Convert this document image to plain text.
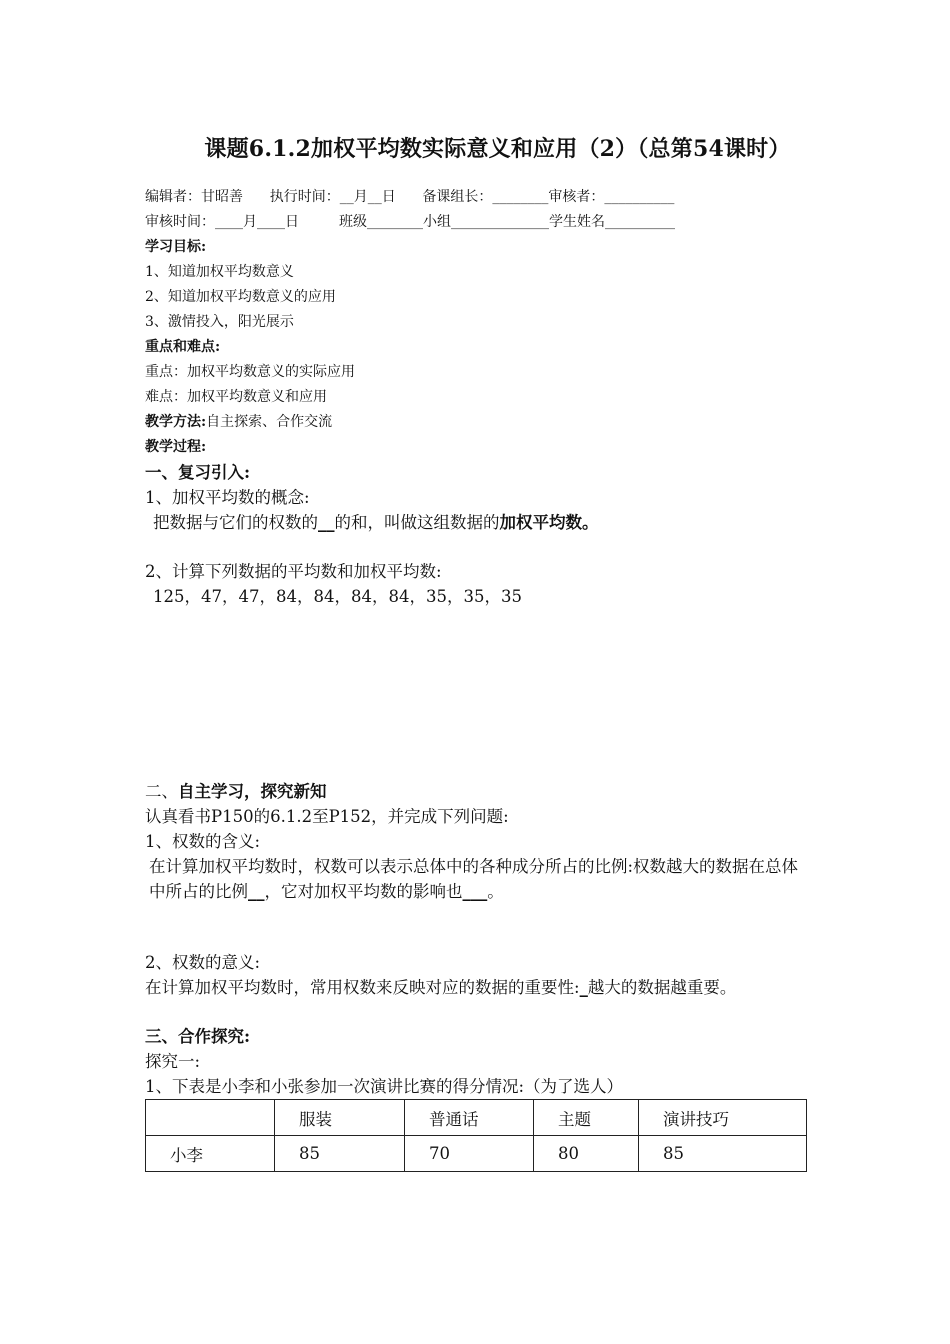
课题6.1.2加权平均数实际意义和应用（2）（总第54课时）
编辑者：甘昭善      执行时间：__月__日      备课组长：________审核者：__________
审核时间：____月____日         班级________小组______________学生姓名__________
学习目标:
1、知道加权平均数意义
2、知道加权平均数意义的应用
3、激情投入，阳光展示
重点和难点:
重点：加权平均数意义的实际应用
难点：加权平均数意义和应用
教学方法:自主探索、合作交流
教学过程:
一、复习引入:
1、加权平均数的概念:
把数据与它们的权数的__的和，叫做这组数据的加权平均数。
2、计算下列数据的平均数和加权平均数:
125，47，47，84，84，84，84，35，35，35
二、自主学习，探究新知
认真看书P150的6.1.2至P152，并完成下列问题:
1、权数的含义:
在计算加权平均数时，权数可以表示总体中的各种成分所占的比例:权数越大的数据在总体中所占的比例__，它对加权平均数的影响也___。
2、权数的意义:
在计算加权平均数时，常用权数来反映对应的数据的重要性:_越大的数据越重要。
三、合作探究:
探究一:
1、下表是小李和小张参加一次演讲比赛的得分情况:（为了选人）
	服装	普通话	主题	演讲技巧
小李	85	70	80	85
